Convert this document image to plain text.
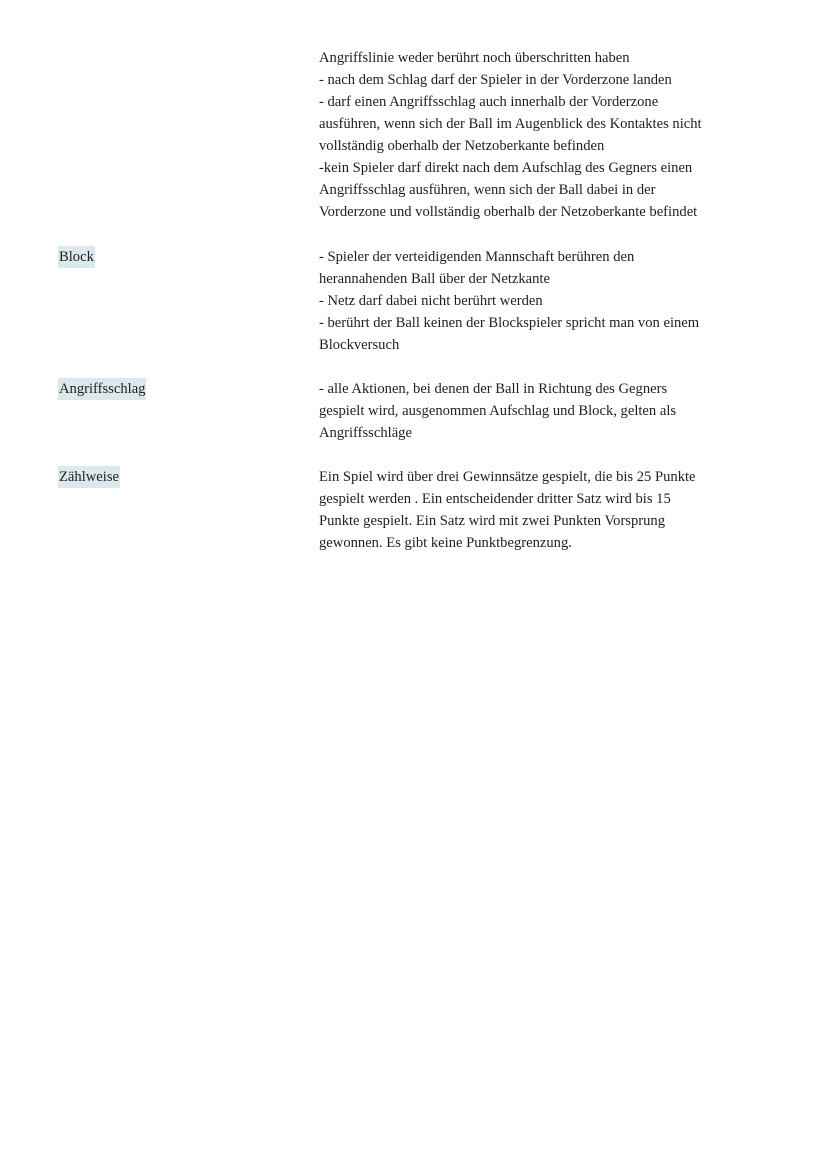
Angriffslinie weder berührt noch überschritten haben
- nach dem Schlag darf der Spieler in der Vorderzone landen
- darf einen Angriffsschlag auch innerhalb der Vorderzone
ausführen, wenn sich der Ball im Augenblick des Kontaktes nicht
vollständig oberhalb der Netzoberkante befinden
-kein Spieler darf direkt nach dem Aufschlag des Gegners einen
Angriffsschlag ausführen, wenn sich der Ball dabei in der
Vorderzone und vollständig oberhalb der Netzoberkante befindet
Block	- Spieler der verteidigenden Mannschaft berühren den
herannahenden Ball über der Netzkante
- Netz darf dabei nicht berührt werden
- berührt der Ball keinen der Blockspieler spricht man von einem
Blockversuch
Angriffsschlag	- alle Aktionen, bei denen der Ball in Richtung des Gegners
gespielt wird, ausgenommen Aufschlag und Block, gelten als
Angriffsschläge
Zählweise	Ein Spiel wird über drei Gewinnsätze gespielt, die bis 25 Punkte
gespielt werden . Ein entscheidender dritter Satz wird bis 15
Punkte gespielt. Ein Satz wird mit zwei Punkten Vorsprung
gewonnen. Es gibt keine Punktbegrenzung.
